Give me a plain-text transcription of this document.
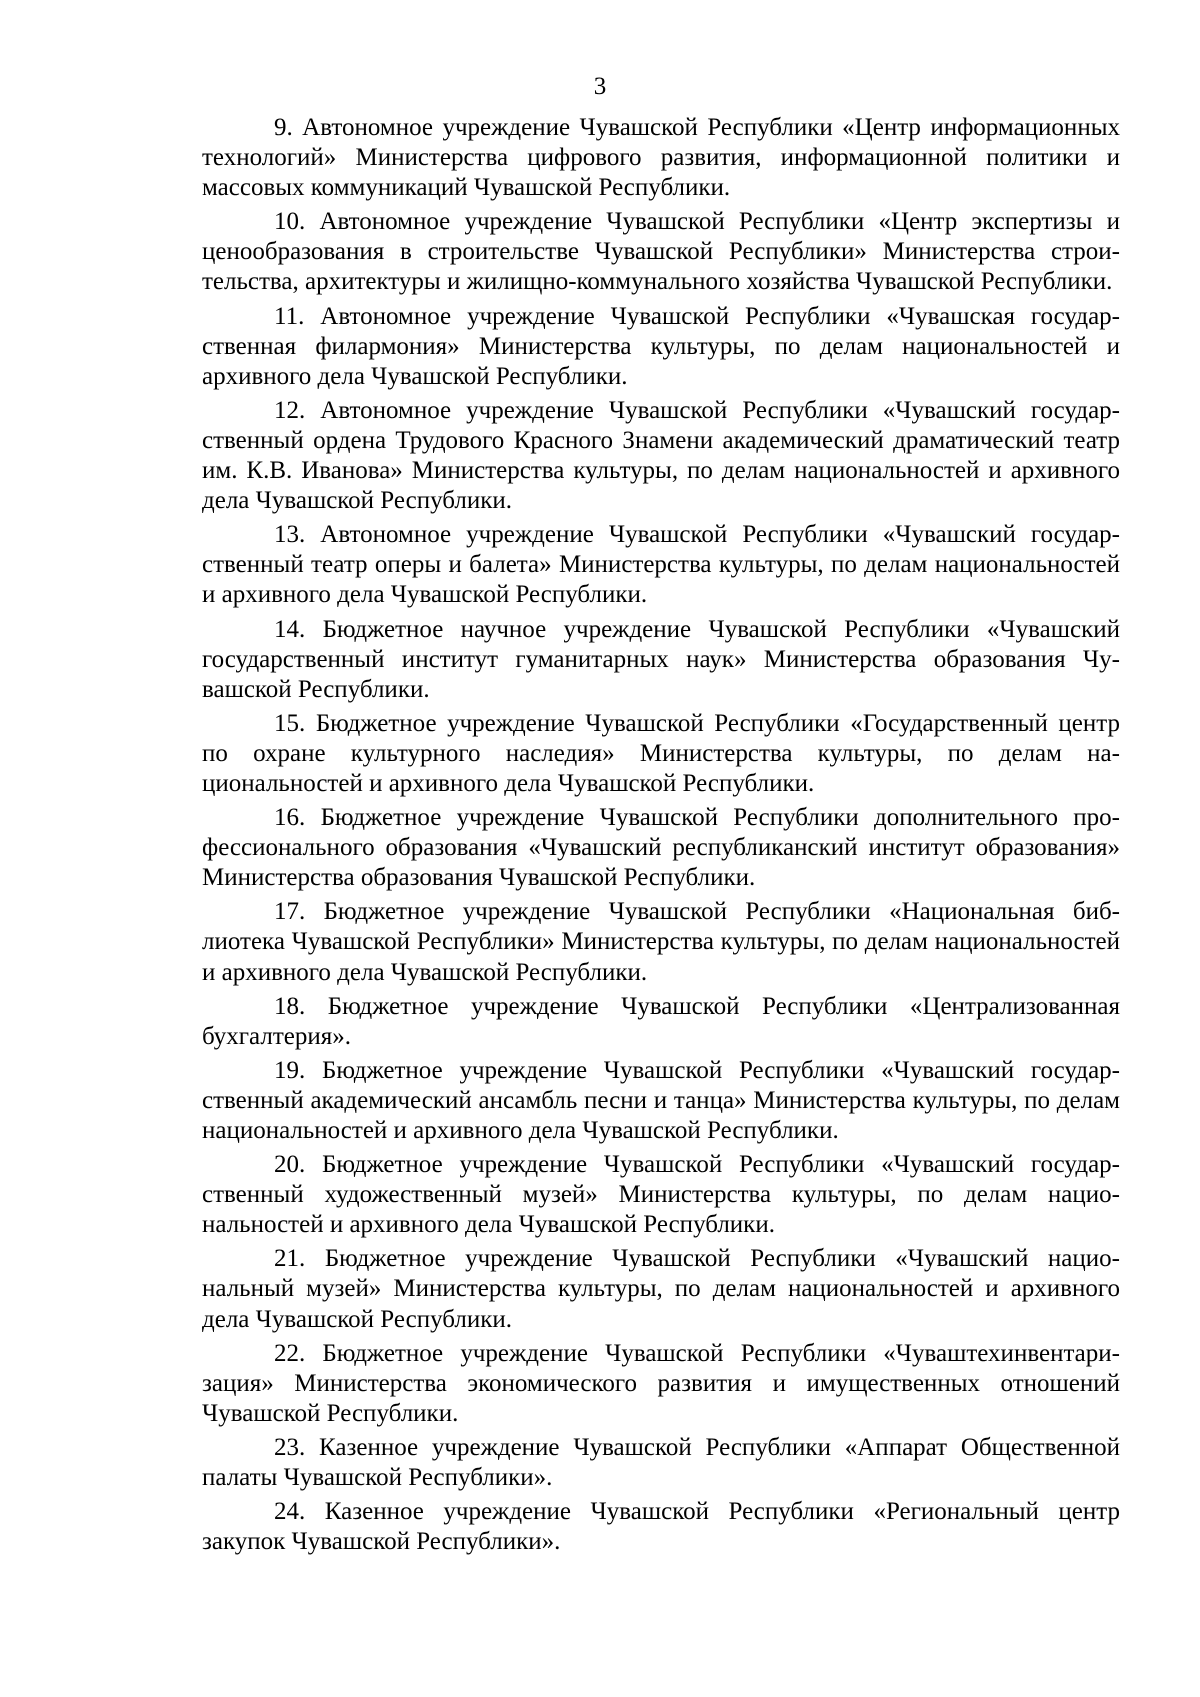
3

9. Автономное учреждение Чувашской Республики «Центр информационных технологий» Министерства цифрового развития, информационной политики и массовых коммуникаций Чувашской Республики.

10. Автономное учреждение Чувашской Республики «Центр экспертизы и ценообразования в строительстве Чувашской Республики» Министерства строительства, архитектуры и жилищно-коммунального хозяйства Чувашской Республики.

11. Автономное учреждение Чувашской Республики «Чувашская государственная филармония» Министерства культуры, по делам национальностей и архивного дела Чувашской Республики.

12. Автономное учреждение Чувашской Республики «Чувашский государственный ордена Трудового Красного Знамени академический драматический театр им. К.В. Иванова» Министерства культуры, по делам национальностей и архивного дела Чувашской Республики.

13. Автономное учреждение Чувашской Республики «Чувашский государственный театр оперы и балета» Министерства культуры, по делам национальностей и архивного дела Чувашской Республики.

14. Бюджетное научное учреждение Чувашской Республики «Чувашский государственный институт гуманитарных наук» Министерства образования Чувашской Республики.

15. Бюджетное учреждение Чувашской Республики «Государственный центр по охране культурного наследия» Министерства культуры, по делам национальностей и архивного дела Чувашской Республики.

16. Бюджетное учреждение Чувашской Республики дополнительного профессионального образования «Чувашский республиканский институт образования» Министерства образования Чувашской Республики.

17. Бюджетное учреждение Чувашской Республики «Национальная библиотека Чувашской Республики» Министерства культуры, по делам национальностей и архивного дела Чувашской Республики.

18. Бюджетное учреждение Чувашской Республики «Централизованная бухгалтерия».

19. Бюджетное учреждение Чувашской Республики «Чувашский государственный академический ансамбль песни и танца» Министерства культуры, по делам национальностей и архивного дела Чувашской Республики.

20. Бюджетное учреждение Чувашской Республики «Чувашский государственный художественный музей» Министерства культуры, по делам национальностей и архивного дела Чувашской Республики.

21. Бюджетное учреждение Чувашской Республики «Чувашский национальный музей» Министерства культуры, по делам национальностей и архивного дела Чувашской Республики.

22. Бюджетное учреждение Чувашской Республики «Чуваштехинвентаризация» Министерства экономического развития и имущественных отношений Чувашской Республики.

23. Казенное учреждение Чувашской Республики «Аппарат Общественной палаты Чувашской Республики».

24. Казенное учреждение Чувашской Республики «Региональный центр закупок Чувашской Республики».
